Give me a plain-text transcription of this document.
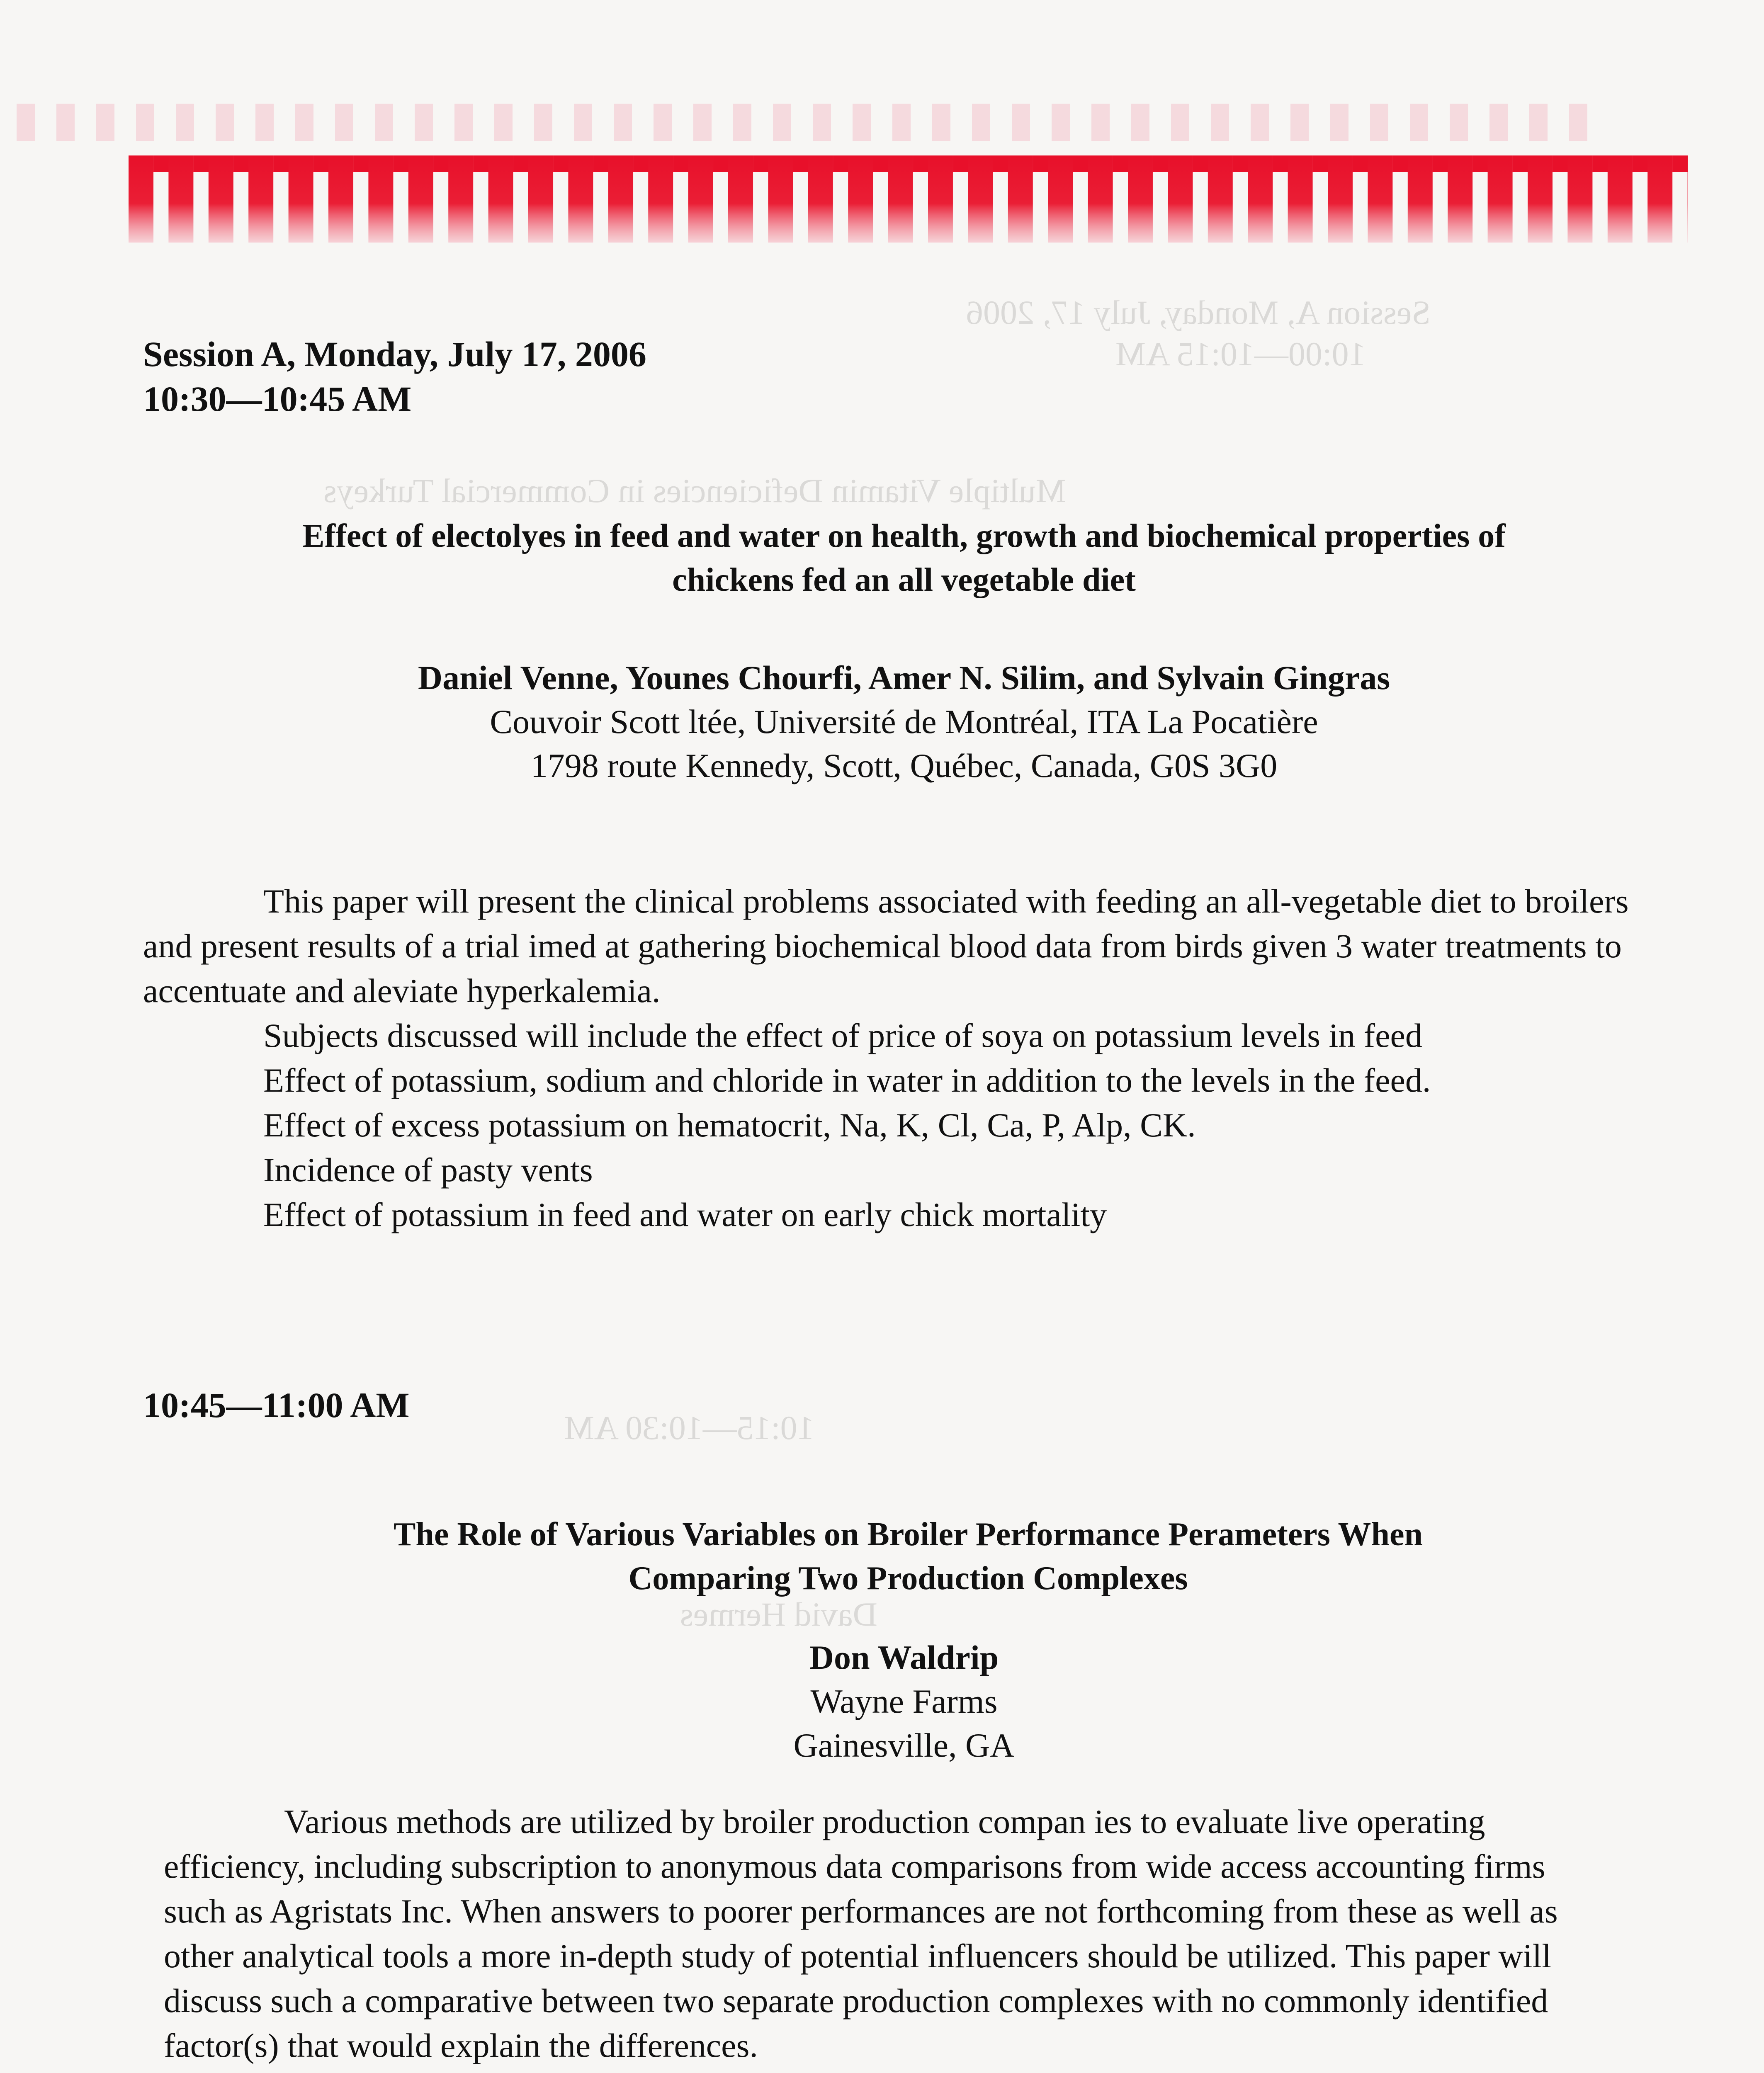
Session A, Monday, July 17, 2006
10:00—10:15 AM
Multiple Vitamin Deficiencies in Commercial Turkeys
10:15—10:30 AM
David Hermes
Session A, Monday, July 17, 2006
10:30—10:45 AM
Effect of electolyes in feed and water on health, growth and biochemical properties of
chickens fed an all vegetable diet
Daniel Venne, Younes Chourfi, Amer N. Silim, and Sylvain Gingras
Couvoir Scott ltée, Université de Montréal, ITA La Pocatière
1798 route Kennedy, Scott, Québec, Canada, G0S 3G0

This paper will present the clinical problems associated with feeding an all-vegetable diet to broilers and present results of a trial imed at gathering biochemical blood data from birds given 3 water treatments to accentuate and aleviate hyperkalemia.

Subjects discussed will include the effect of price of soya on potassium levels in feed
Effect of potassium, sodium and chloride in water in addition to the levels in the feed.
Effect of excess potassium on hematocrit, Na, K, Cl, Ca, P, Alp, CK.
Incidence of pasty vents
Effect of potassium in feed and water on early chick mortality
10:45—11:00 AM
The Role of Various Variables on Broiler Performance Perameters When
Comparing Two Production Complexes
Don Waldrip
Wayne Farms
Gainesville, GA

Various methods are utilized by broiler production compan ies to evaluate live operating efficiency, including subscription to anonymous data comparisons from wide access accounting firms such as Agristats Inc. When answers to poorer performances are not forthcoming from these as well as other analytical tools a more in-depth study of potential influencers should be utilized. This paper will discuss such a comparative between two separate production complexes with no commonly identified factor(s) that would explain the differences.
